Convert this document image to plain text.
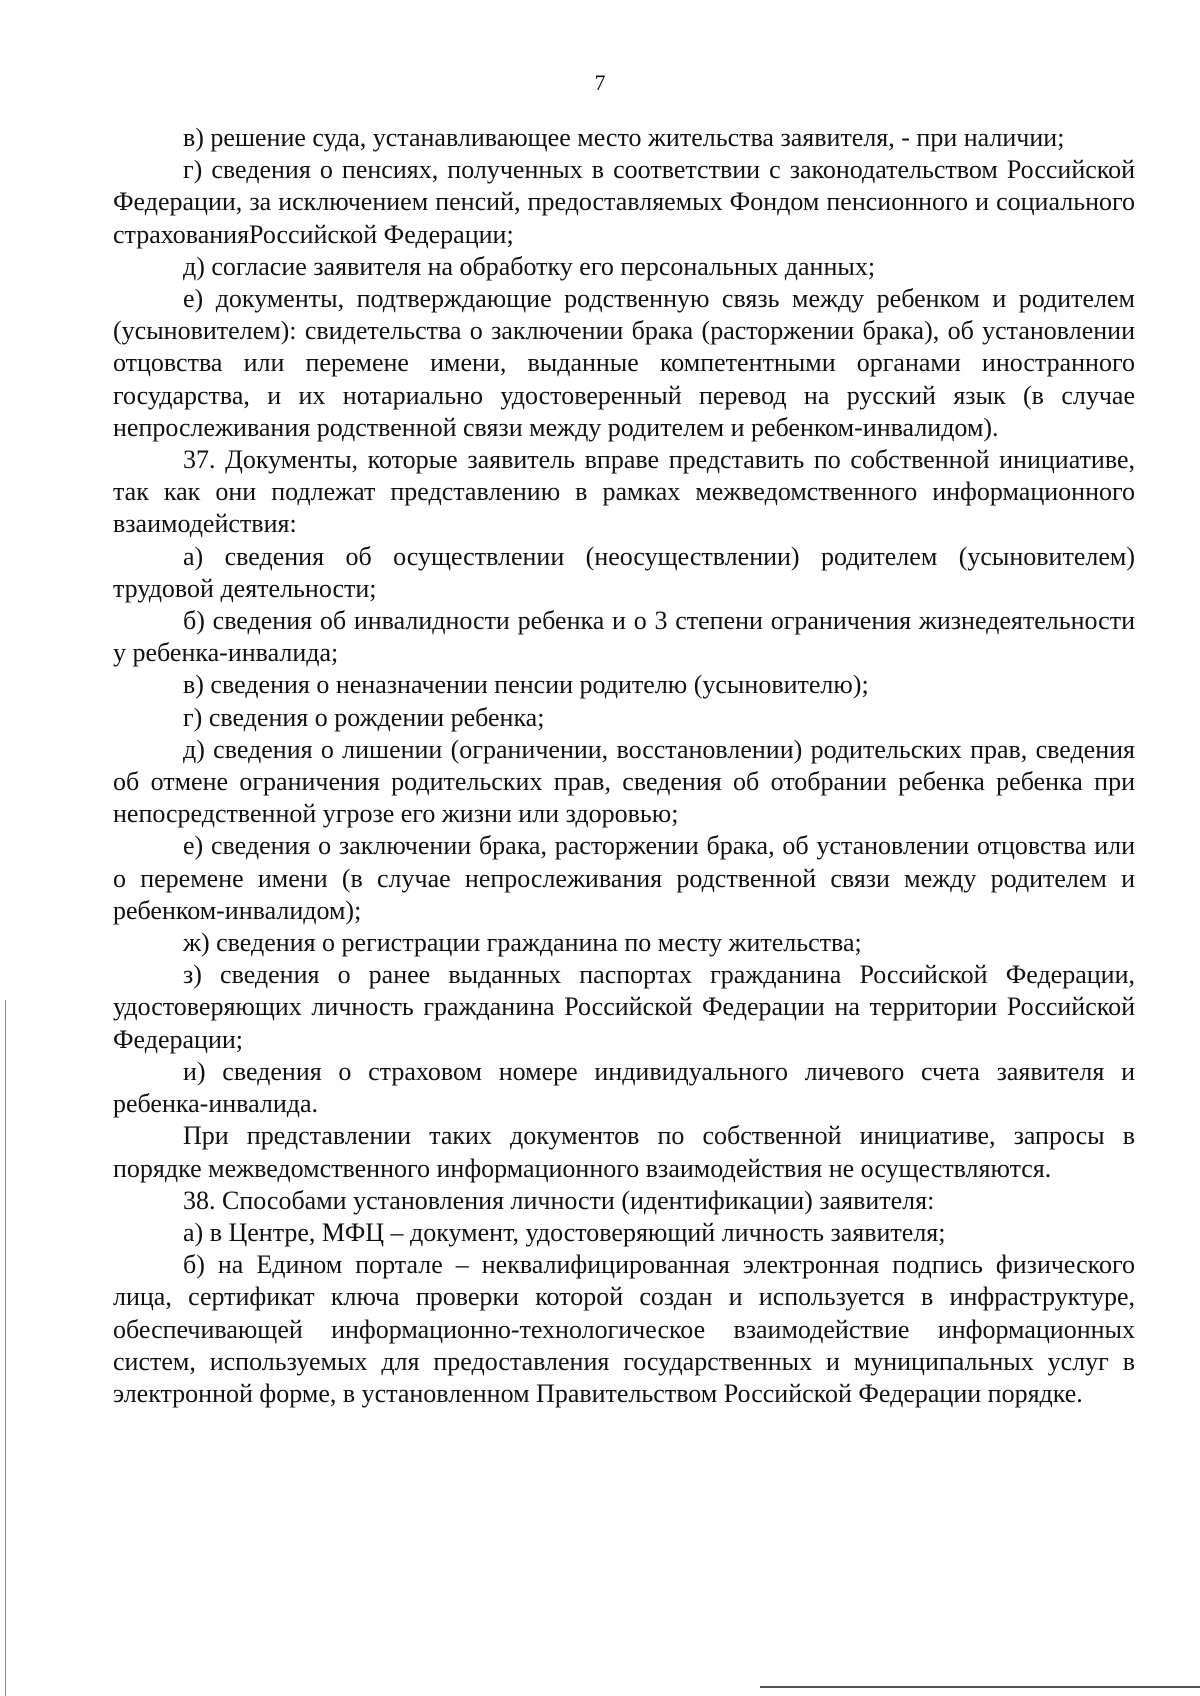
7

в) решение суда, устанавливающее место жительства заявителя, - при наличии;

г) сведения о пенсиях, полученных в соответствии с законодательством Российской Федерации, за исключением пенсий, предоставляемых Фондом пенсионного и социального страхованияРоссийской Федерации;

д) согласие заявителя на обработку его персональных данных;

е) документы, подтверждающие родственную связь между ребенком и родителем (усыновителем): свидетельства о заключении брака (расторжении брака), об установлении отцовства или перемене имени, выданные компетентными органами иностранного государства, и их нотариально удостоверенный перевод на русский язык (в случае непрослеживания родственной связи между родителем и ребенком-инвалидом).

37. Документы, которые заявитель вправе представить по собственной инициативе, так как они подлежат представлению в рамках межведомственного информационного взаимодействия:

а) сведения об осуществлении (неосуществлении) родителем (усыновителем) трудовой деятельности;

б) сведения об инвалидности ребенка и о 3 степени ограничения жизнедеятельности у ребенка-инвалида;

в) сведения о неназначении пенсии родителю (усыновителю);

г) сведения о рождении ребенка;

д) сведения о лишении (ограничении, восстановлении) родительских прав, сведения об отмене ограничения родительских прав, сведения об отобрании ребенка ребенка при непосредственной угрозе его жизни или здоровью;

е) сведения о заключении брака, расторжении брака, об установлении отцовства или о перемене имени (в случае непрослеживания родственной связи между родителем и ребенком-инвалидом);

ж) сведения о регистрации гражданина по месту жительства;

з) сведения о ранее выданных паспортах гражданина Российской Федерации, удостоверяющих личность гражданина Российской Федерации на территории Российской Федерации;

и) сведения о страховом номере индивидуального личевого счета заявителя и ребенка-инвалида.

При представлении таких документов по собственной инициативе, запросы в порядке межведомственного информационного взаимодействия не осуществляются.

38. Способами установления личности (идентификации) заявителя:

а) в Центре, МФЦ – документ, удостоверяющий личность заявителя;

б) на Едином портале – неквалифицированная электронная подпись физического лица, сертификат ключа проверки которой создан и используется в инфраструктуре, обеспечивающей информационно-технологическое взаимодействие информационных систем, используемых для предоставления государственных и муниципальных услуг в электронной форме, в установленном Правительством Российской Федерации порядке.
